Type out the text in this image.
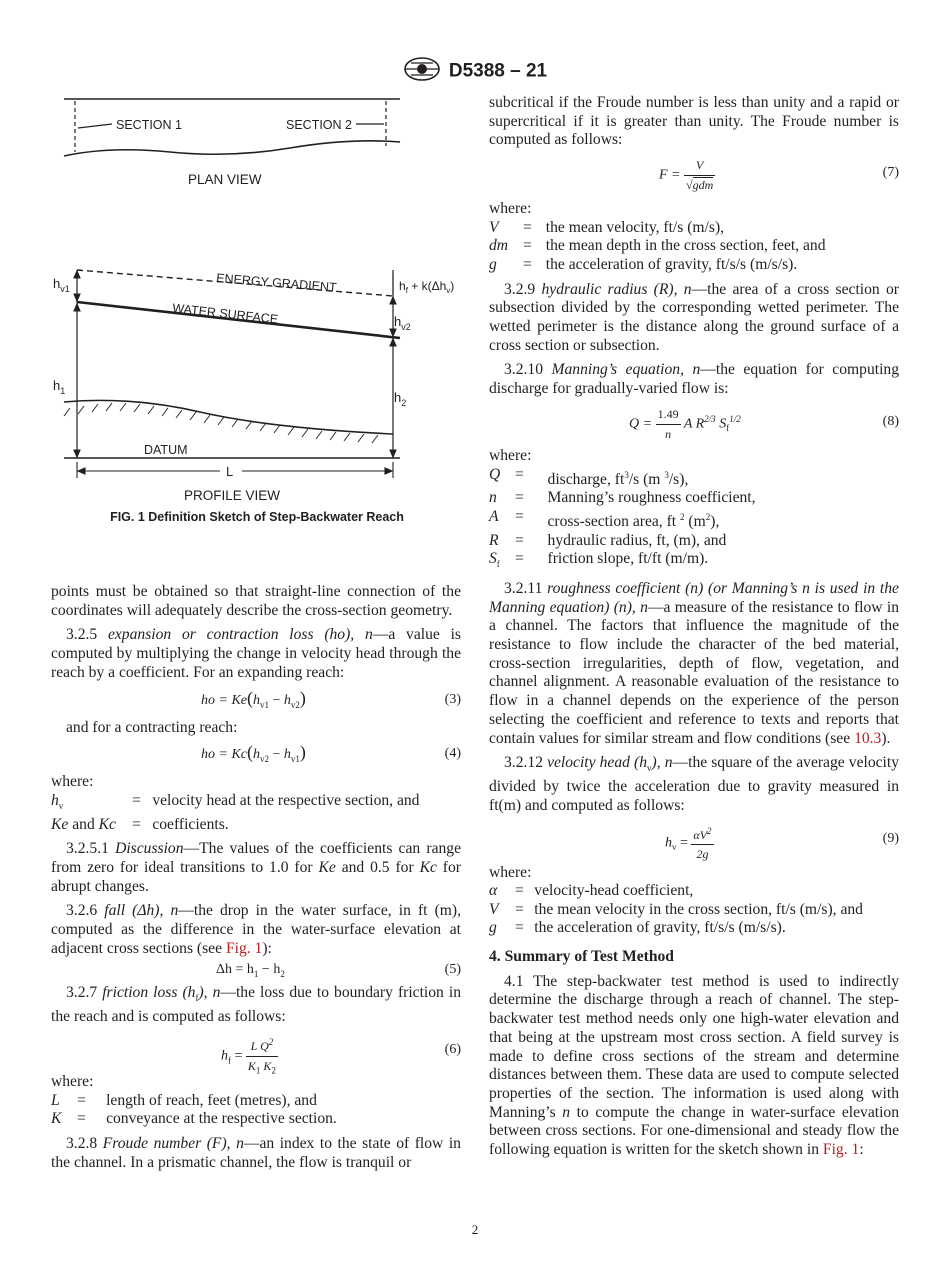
D5388 – 21
SECTION 1	SECTION 2
PLAN VIEW
ENERGY GRADIENT
WATER SURFACE
DATUM
L
PROFILE VIEW
$h_{v1}$
$h_1$
$h_f + k(\Delta h_v)$
$h_{v2}$
$h_2$
FIG. 1 Definition Sketch of Step-Backwater Reach

points must be obtained so that straight-line connection of the coordinates will adequately describe the cross-section geometry.

3.2.5 expansion or contraction loss (ho), n—a value is computed by multiplying the change in velocity head through the reach by a coefficient. For an expanding reach:

ho = $Ke(h_{v1} - h_{v2})$	(3)

and for a contracting reach:

ho = $Kc(h_{v2} - h_{v1})$	(4)

where:

$h_v$	=	velocity head at the respective section, and
Ke and Kc	=	coefficients.

3.2.5.1 Discussion—The values of the coefficients can range from zero for ideal transitions to 1.0 for Ke and 0.5 for Kc for abrupt changes.

3.2.6 fall (Δh), n—the drop in the water surface, in ft (m), computed as the difference in the water-surface elevation at adjacent cross sections (see Fig. 1):

$\Delta h = h_1 - h_2$	(5)

3.2.7 friction loss $(h_f)$, n—the loss due to boundary friction in the reach and is computed as follows:

$h_f = \frac{L Q^2}{K_1 K_2}$	(6)

where:

L	=	length of reach, feet (metres), and
K	=	conveyance at the respective section.

3.2.8 Froude number (F), n—an index to the state of flow in the channel. In a prismatic channel, the flow is tranquil or

subcritical if the Froude number is less than unity and a rapid or supercritical if it is greater than unity. The Froude number is computed as follows:

$F = \frac{V}{\text{√gdm}}$	(7)

where:

V	=	the mean velocity, ft/s (m/s),
dm	=	the mean depth in the cross section, feet, and
g	=	the acceleration of gravity, ft/s/s (m/s/s).

3.2.9 hydraulic radius (R), n—the area of a cross section or subsection divided by the corresponding wetted perimeter. The wetted perimeter is the distance along the ground surface of a cross section or subsection.

3.2.10 Manning’s equation, n—the equation for computing discharge for gradually-varied flow is:

$Q = \frac{1.49}{n}$ A $R^{2/3}$ $S_f^{1/2}$	(8)

where:

Q	=	discharge, $ft^3/s$ (m $^3$/s),
n	=	Manning’s roughness coefficient,
A	=	cross-section area, ft $^2$ $(m^2)$,
R	=	hydraulic radius, ft, (m), and
$S_f$	=	friction slope, ft/ft (m/m).

3.2.11 roughness coefficient (n) (or Manning’s n is used in the Manning equation) (n), n—a measure of the resistance to flow in a channel. The factors that influence the magnitude of the resistance to flow include the character of the bed material, cross-section irregularities, depth of flow, vegetation, and channel alignment. A reasonable evaluation of the resistance to flow in a channel depends on the experience of the person selecting the coefficient and reference to texts and reports that contain values for similar stream and flow conditions (see 10.3).

3.2.12 velocity head $(h_v)$, n—the square of the average velocity divided by twice the acceleration due to gravity measured in ft(m) and computed as follows:

$h_v = \frac{\alpha V^2}{2g}$	(9)

where:

α	=	velocity-head coefficient,
V	=	the mean velocity in the cross section, ft/s (m/s), and
g	=	the acceleration of gravity, ft/s/s (m/s/s).

4. Summary of Test Method

4.1 The step-backwater test method is used to indirectly determine the discharge through a reach of channel. The step-backwater test method needs only one high-water elevation and that being at the upstream most cross section. A field survey is made to define cross sections of the stream and determine distances between them. These data are used to compute selected properties of the section. The information is used along with Manning’s n to compute the change in water-surface elevation between cross sections. For one-dimensional and steady flow the following equation is written for the sketch shown in Fig. 1:

2
